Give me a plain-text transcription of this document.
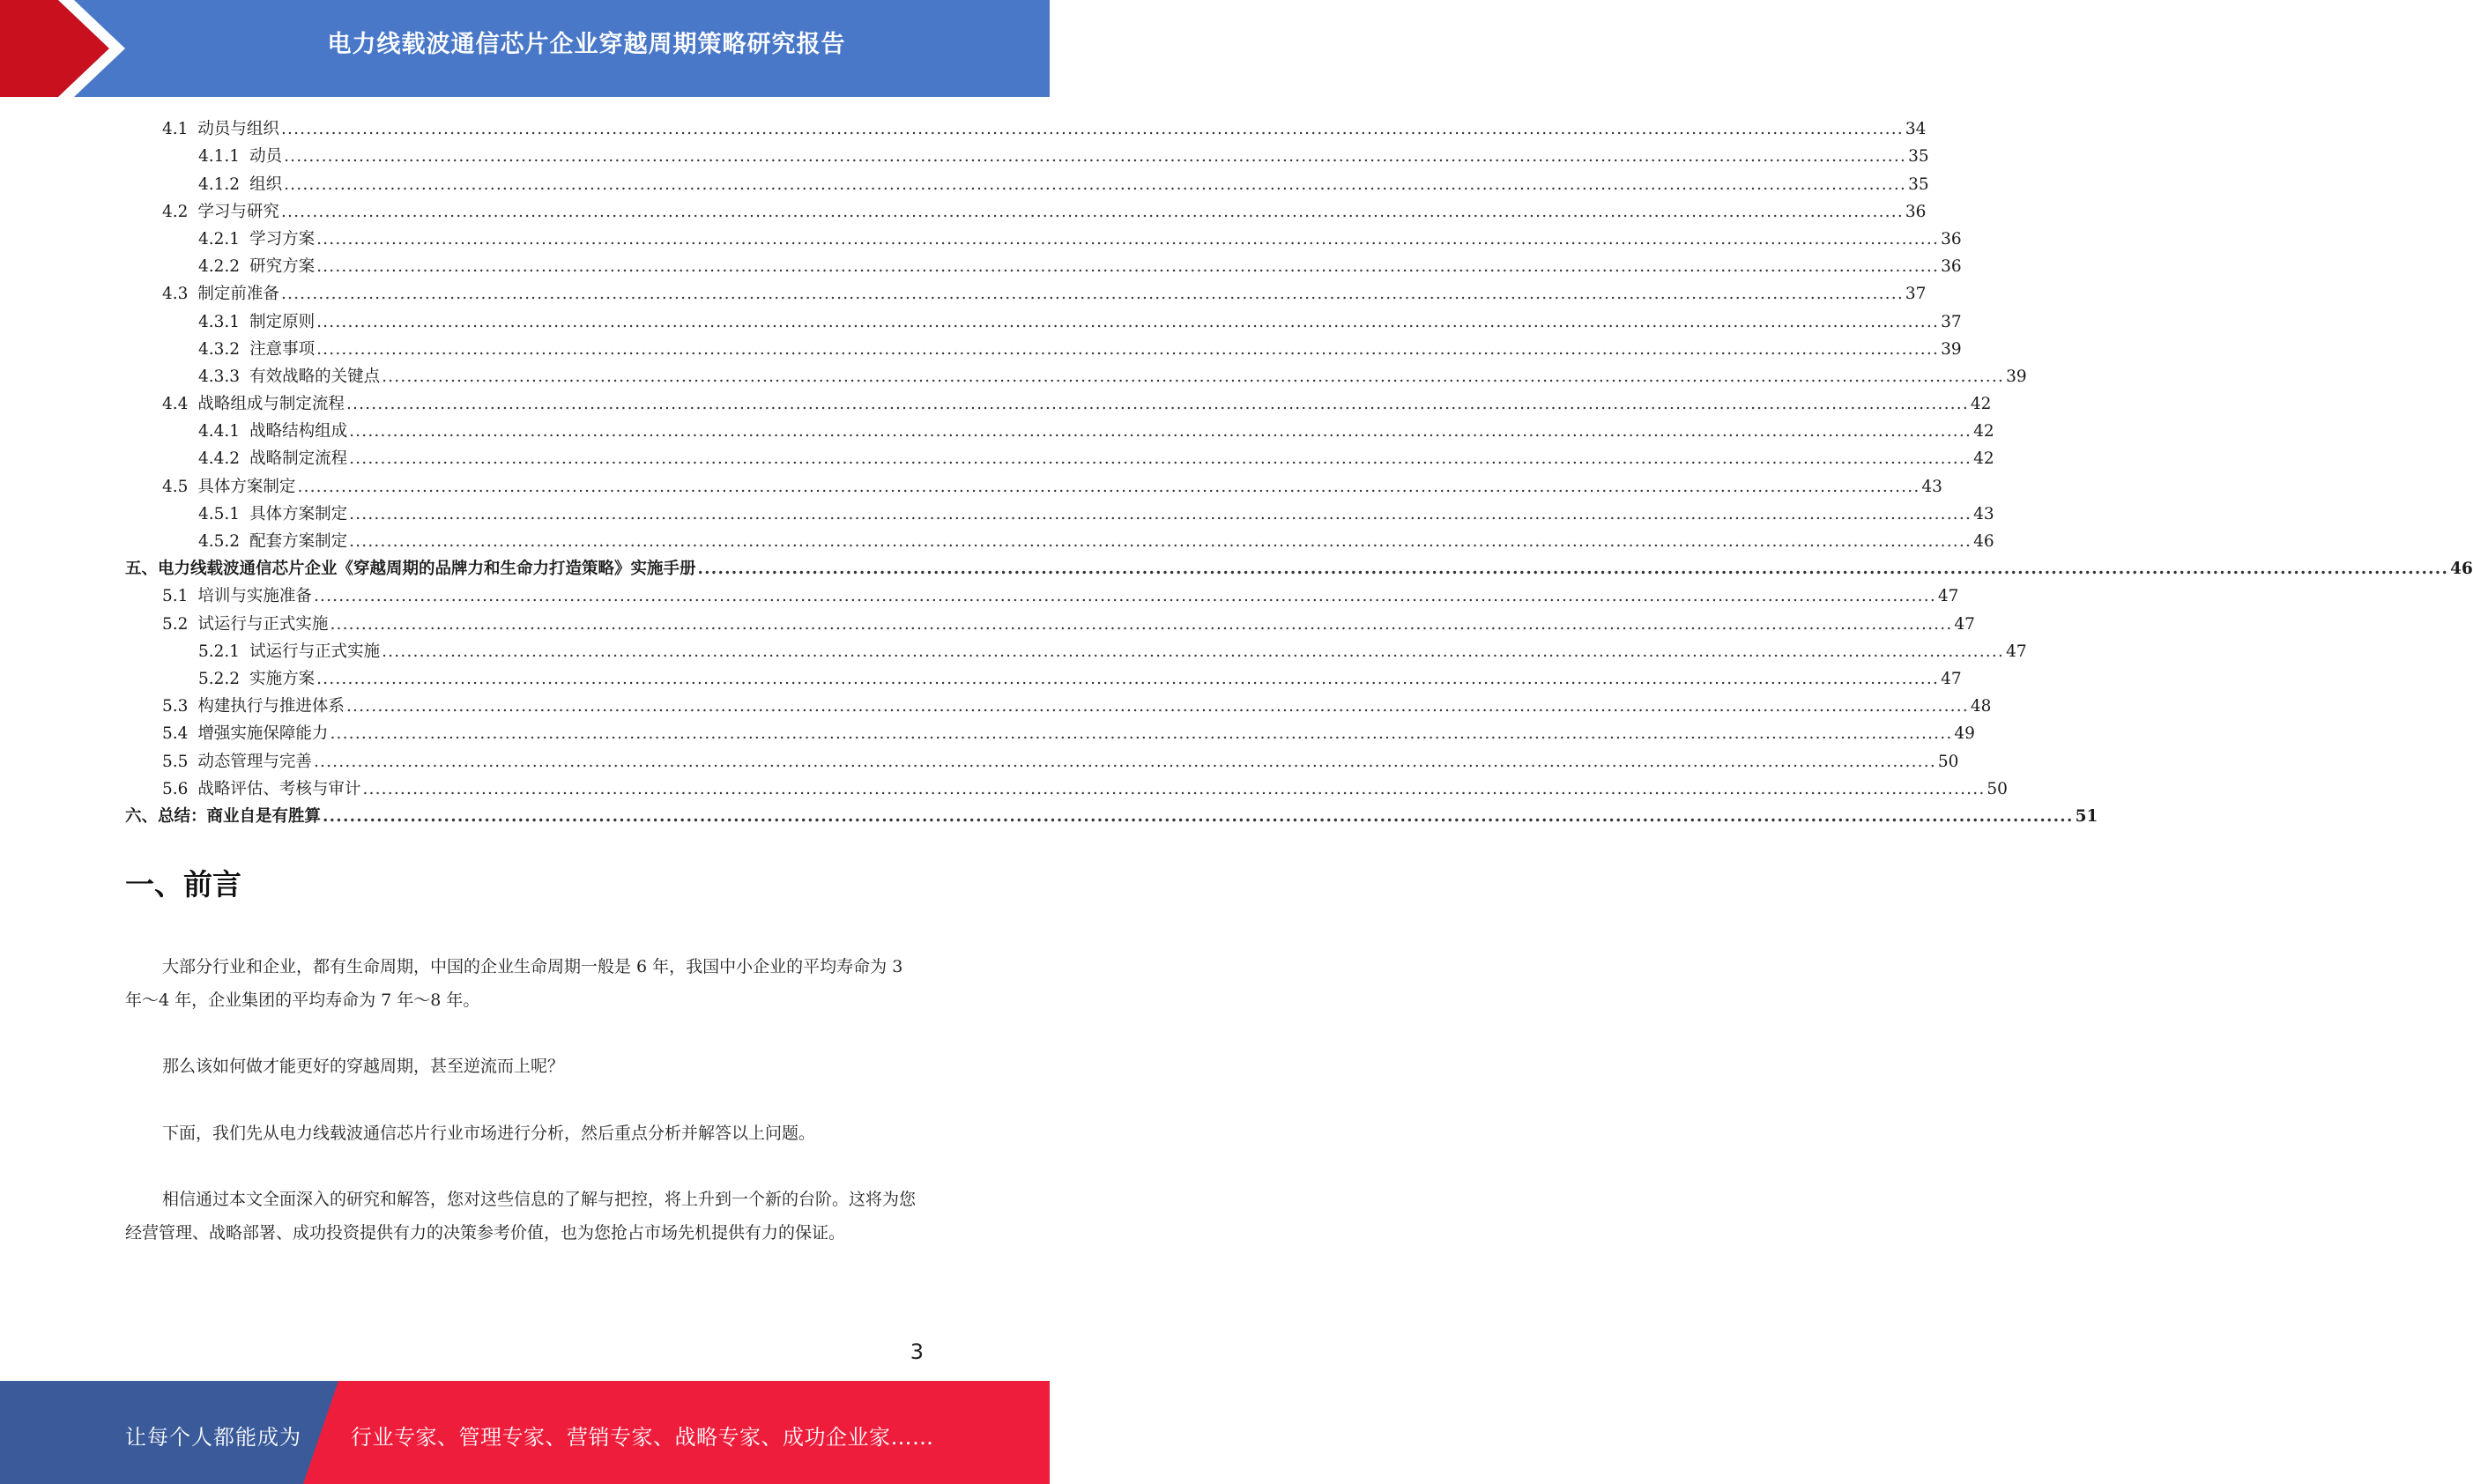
电力线载波通信芯片企业穿越周期策略研究报告
4.1 动员与组织 .................................................................................................................................................................................................................................................................... 34
4.1.1 动员 .................................................................................................................................................................................................................................................................... 35
4.1.2 组织 .................................................................................................................................................................................................................................................................... 35
4.2 学习与研究 .................................................................................................................................................................................................................................................................... 36
4.2.1 学习方案 .................................................................................................................................................................................................................................................................... 36
4.2.2 研究方案 .................................................................................................................................................................................................................................................................... 36
4.3 制定前准备 .................................................................................................................................................................................................................................................................... 37
4.3.1 制定原则 .................................................................................................................................................................................................................................................................... 37
4.3.2 注意事项 .................................................................................................................................................................................................................................................................... 39
4.3.3 有效战略的关键点 .................................................................................................................................................................................................................................................................... 39
4.4 战略组成与制定流程 .................................................................................................................................................................................................................................................................... 42
4.4.1 战略结构组成 .................................................................................................................................................................................................................................................................... 42
4.4.2 战略制定流程 .................................................................................................................................................................................................................................................................... 42
4.5 具体方案制定 .................................................................................................................................................................................................................................................................... 43
4.5.1 具体方案制定 .................................................................................................................................................................................................................................................................... 43
4.5.2 配套方案制定 .................................................................................................................................................................................................................................................................... 46
五、电力线载波通信芯片企业《穿越周期的品牌力和生命力打造策略》实施手册 .................................................................................................................................................................................................................................................................... 46
5.1 培训与实施准备 .................................................................................................................................................................................................................................................................... 47
5.2 试运行与正式实施 .................................................................................................................................................................................................................................................................... 47
5.2.1 试运行与正式实施 .................................................................................................................................................................................................................................................................... 47
5.2.2 实施方案 .................................................................................................................................................................................................................................................................... 47
5.3 构建执行与推进体系 .................................................................................................................................................................................................................................................................... 48
5.4 增强实施保障能力 .................................................................................................................................................................................................................................................................... 49
5.5 动态管理与完善 .................................................................................................................................................................................................................................................................... 50
5.6 战略评估、考核与审计 .................................................................................................................................................................................................................................................................... 50
六、总结：商业自是有胜算 .................................................................................................................................................................................................................................................................... 51
一、前言

大部分行业和企业，都有生命周期，中国的企业生命周期一般是 6 年，我国中小企业的平均寿命为 3 年～4 年，企业集团的平均寿命为 7 年～8 年。

那么该如何做才能更好的穿越周期，甚至逆流而上呢？

下面，我们先从电力线载波通信芯片行业市场进行分析，然后重点分析并解答以上问题。

相信通过本文全面深入的研究和解答，您对这些信息的了解与把控，将上升到一个新的台阶。这将为您经营管理、战略部署、成功投资提供有力的决策参考价值，也为您抢占市场先机提供有力的保证。

3
让每个人都能成为 行业专家、管理专家、营销专家、战略专家、成功企业家……
